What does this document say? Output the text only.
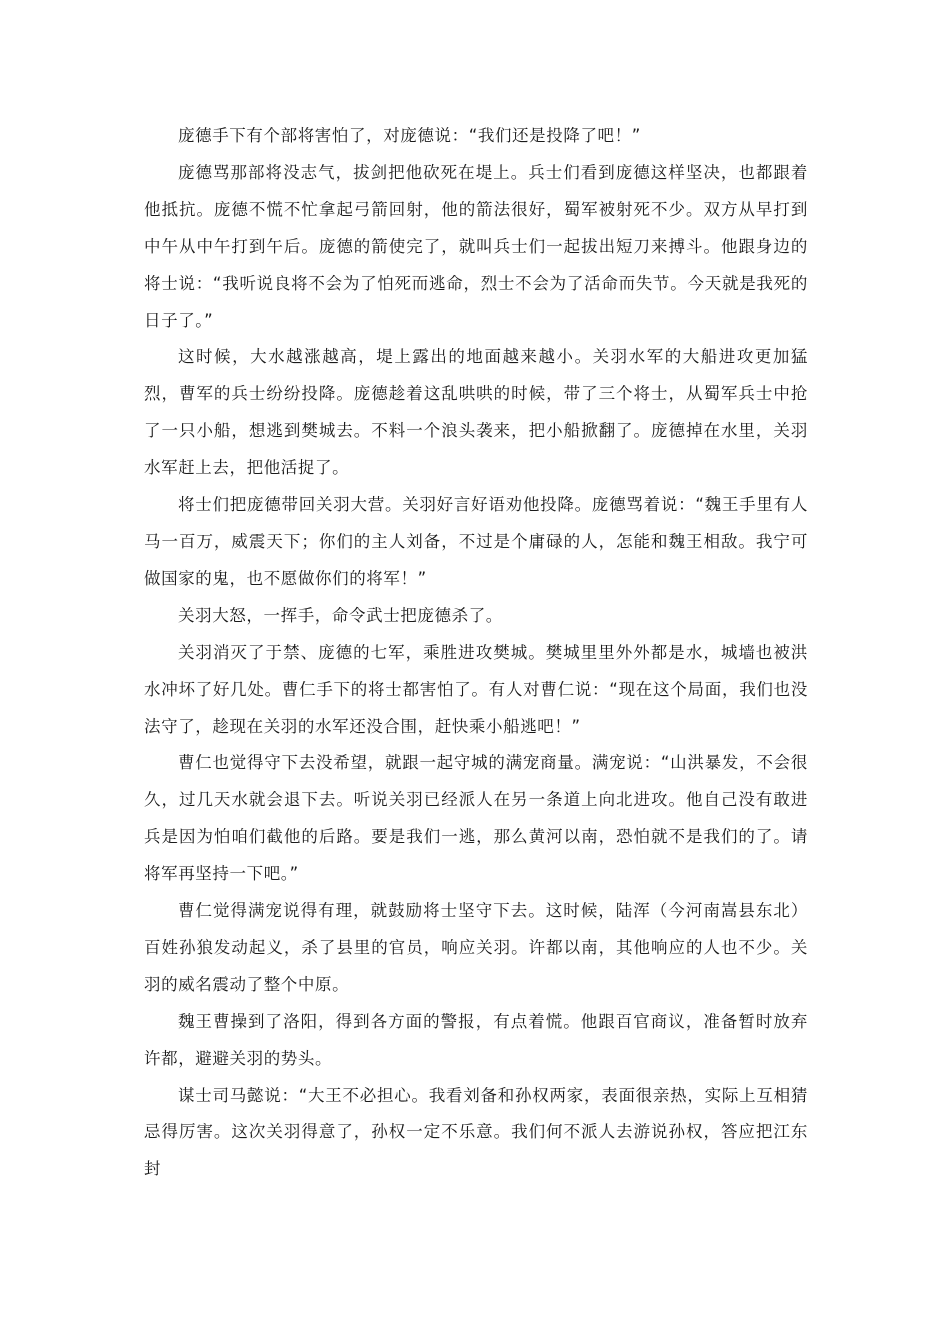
庞德手下有个部将害怕了，对庞德说：“我们还是投降了吧！”

庞德骂那部将没志气，拔剑把他砍死在堤上。兵士们看到庞德这样坚决，也都跟着他抵抗。庞德不慌不忙拿起弓箭回射，他的箭法很好，蜀军被射死不少。双方从早打到中午从中午打到午后。庞德的箭使完了，就叫兵士们一起拔出短刀来搏斗。他跟身边的将士说：“我听说良将不会为了怕死而逃命，烈士不会为了活命而失节。今天就是我死的日子了。”

这时候，大水越涨越高，堤上露出的地面越来越小。关羽水军的大船进攻更加猛烈，曹军的兵士纷纷投降。庞德趁着这乱哄哄的时候，带了三个将士，从蜀军兵士中抢了一只小船，想逃到樊城去。不料一个浪头袭来，把小船掀翻了。庞德掉在水里，关羽水军赶上去，把他活捉了。

将士们把庞德带回关羽大营。关羽好言好语劝他投降。庞德骂着说：“魏王手里有人马一百万，威震天下；你们的主人刘备，不过是个庸碌的人，怎能和魏王相敌。我宁可做国家的鬼，也不愿做你们的将军！”

关羽大怒，一挥手，命令武士把庞德杀了。

关羽消灭了于禁、庞德的七军，乘胜进攻樊城。樊城里里外外都是水，城墙也被洪水冲坏了好几处。曹仁手下的将士都害怕了。有人对曹仁说：“现在这个局面，我们也没法守了，趁现在关羽的水军还没合围，赶快乘小船逃吧！”

曹仁也觉得守下去没希望，就跟一起守城的满宠商量。满宠说：“山洪暴发，不会很久，过几天水就会退下去。听说关羽已经派人在另一条道上向北进攻。他自己没有敢进兵是因为怕咱们截他的后路。要是我们一逃，那么黄河以南，恐怕就不是我们的了。请将军再坚持一下吧。”

曹仁觉得满宠说得有理，就鼓励将士坚守下去。这时候，陆浑（今河南嵩县东北）百姓孙狼发动起义，杀了县里的官员，响应关羽。许都以南，其他响应的人也不少。关羽的威名震动了整个中原。

魏王曹操到了洛阳，得到各方面的警报，有点着慌。他跟百官商议，准备暂时放弃许都，避避关羽的势头。

谋士司马懿说：“大王不必担心。我看刘备和孙权两家，表面很亲热，实际上互相猜忌得厉害。这次关羽得意了，孙权一定不乐意。我们何不派人去游说孙权，答应把江东封
